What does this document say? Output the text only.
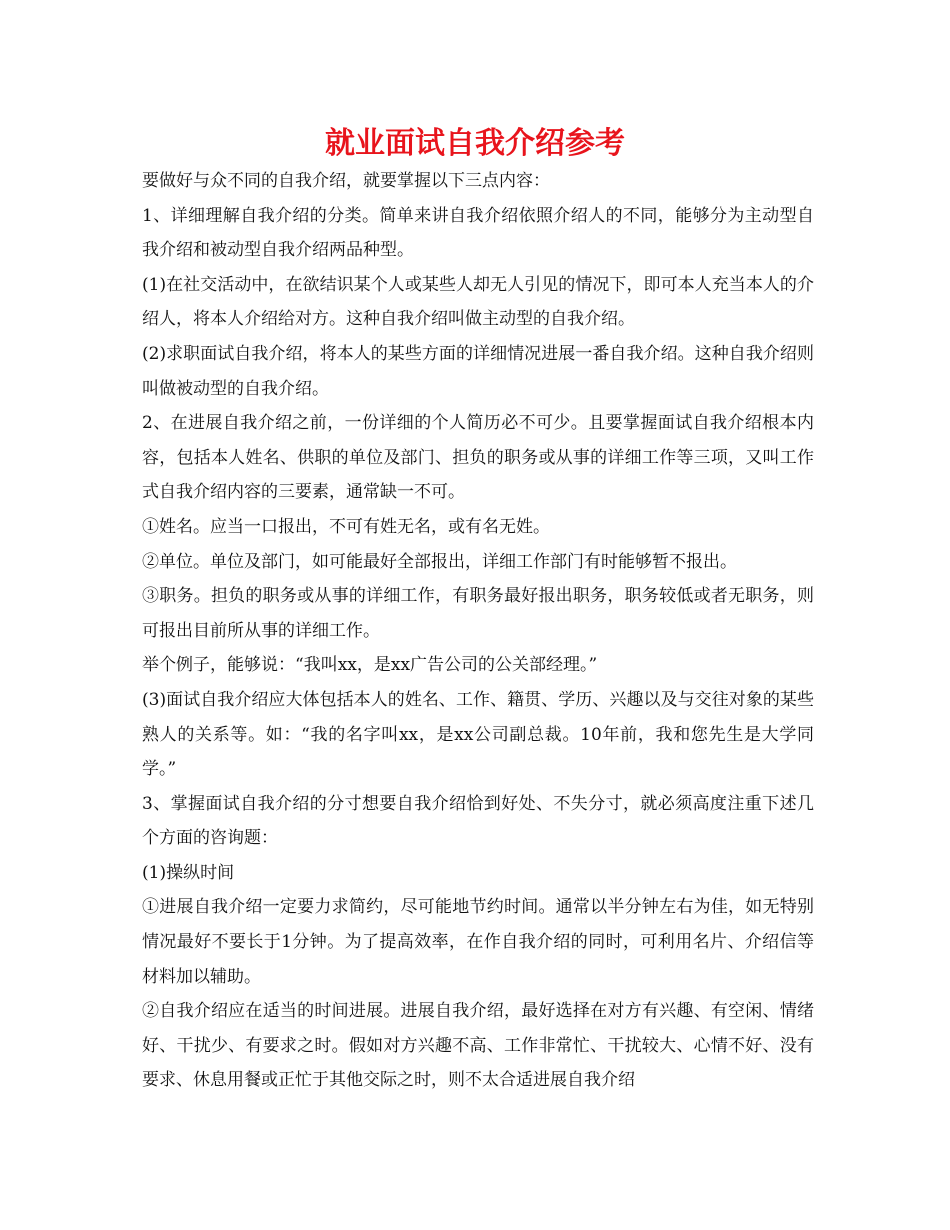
就业面试自我介绍参考

要做好与众不同的自我介绍，就要掌握以下三点内容：

1、详细理解自我介绍的分类。简单来讲自我介绍依照介绍人的不同，能够分为主动型自我介绍和被动型自我介绍两品种型。

(1)在社交活动中，在欲结识某个人或某些人却无人引见的情况下，即可本人充当本人的介绍人，将本人介绍给对方。这种自我介绍叫做主动型的自我介绍。

(2)求职面试自我介绍，将本人的某些方面的详细情况进展一番自我介绍。这种自我介绍则叫做被动型的自我介绍。

2、在进展自我介绍之前，一份详细的个人简历必不可少。且要掌握面试自我介绍根本内容，包括本人姓名、供职的单位及部门、担负的职务或从事的详细工作等三项，又叫工作式自我介绍内容的三要素，通常缺一不可。

①姓名。应当一口报出，不可有姓无名，或有名无姓。

②单位。单位及部门，如可能最好全部报出，详细工作部门有时能够暂不报出。

③职务。担负的职务或从事的详细工作，有职务最好报出职务，职务较低或者无职务，则可报出目前所从事的详细工作。

举个例子，能够说：“我叫xx，是xx广告公司的公关部经理。”

(3)面试自我介绍应大体包括本人的姓名、工作、籍贯、学历、兴趣以及与交往对象的某些熟人的关系等。如：“我的名字叫xx，是xx公司副总裁。10年前，我和您先生是大学同学。”

3、掌握面试自我介绍的分寸想要自我介绍恰到好处、不失分寸，就必须高度注重下述几个方面的咨询题：

(1)操纵时间

①进展自我介绍一定要力求简约，尽可能地节约时间。通常以半分钟左右为佳，如无特别情况最好不要长于1分钟。为了提高效率，在作自我介绍的同时，可利用名片、介绍信等材料加以辅助。

②自我介绍应在适当的时间进展。进展自我介绍，最好选择在对方有兴趣、有空闲、情绪好、干扰少、有要求之时。假如对方兴趣不高、工作非常忙、干扰较大、心情不好、没有要求、休息用餐或正忙于其他交际之时，则不太合适进展自我介绍
